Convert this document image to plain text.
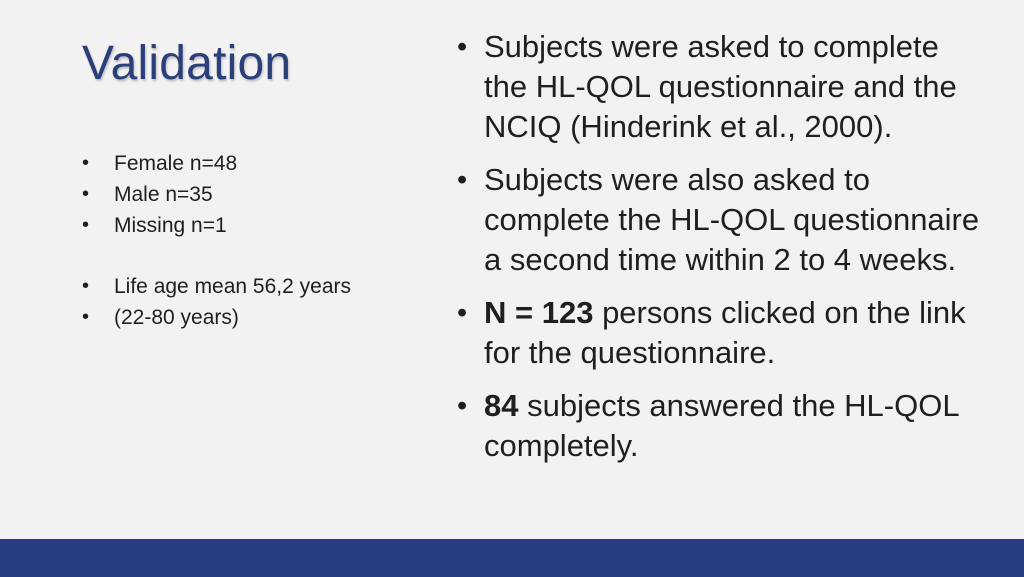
Validation
• Female n=48
• Male n=35
• Missing n=1
• Life age mean 56,2 years
• (22-80 years)
• Subjects were asked to complete the HL-QOL questionnaire and the NCIQ (Hinderink et al., 2000).
• Subjects were also asked to complete the HL-QOL questionnaire a second time within 2 to 4 weeks.
• N = 123 persons clicked on the link for the questionnaire.
• 84 subjects answered the HL-QOL completely.
